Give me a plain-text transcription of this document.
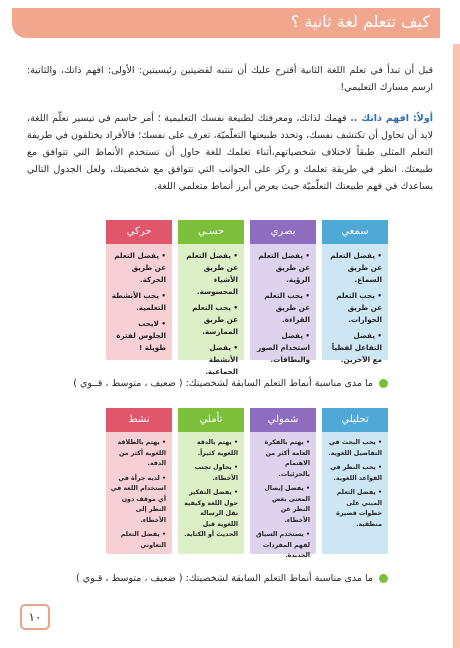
كيف تتعلم لغة ثانية ؟

قبل أن تبدأ في تعلم اللغة الثانية أقترح عليك أن تنتبه لقضيتين رئيسيتين: الأولى: افهم ذاتك، والثانية: ارسم مسارك التعليمي!

أولاً: افهم ذاتك .. فهمك لذاتك، ومعرفتك لطبيعة نفسك التعليمية ؛ أمر حاسم في تيسير تعلّم اللغة، لابد أن تحاول أن تكتشف نفسك، وتحدد طبيعتها التعلّميّة، تعرف على نفسك؛ فالأفراد يختلفون في طريقة التعلم المثلى طبقاً لاختلاف شخصياتهم،أثناء تعلمك للغة حاول أن تستخدم الأنماط التي تتوافق مع طبيعتك. انظر في طريقة تعلمك و ركز على الجوانب التي تتوافق مع شخصيتك، ولعل الجدول التالي يساعدك في فهم طبيعتك التعلّميّة حيث يعرض أبرز أنماط متعلمي اللغة.

سمعي
• يفضل التعلم عن طريق السماع.
• يحب التعلم عن طريق الحوارات.
• يفضل التفاعل لفظياً مع الآخرين.
بصري
• يفضل التعلم عن طريق الرؤية.
• يحب التعلم عن طريق القراءة.
• يفضل استخدام الصور والبطاقات.
حسـي
• يفضل التعلم عن طريق الأشياء المحسوسة.
• يحب التعلم عن طريق الممارسة.
• يفضل الأنشطة الجماعية.
حركي
• يفضل التعلم عن طريق الحركة.
• يحب الأنشطة التعلمية.
• لايحب الجلوس لفترة طويلة !
ما مدى مناسبة أنماط التعلم السابقة لشخصيتك: ( ضعيف ، متوسط ، قــوي )
تحليلي
• يحب البحث في التفاصيل اللغوية.
• يحب النظر في القواعد اللغوية.
• يفضل التعلم المبني على خطوات قصيرة منطقية.
شمولي
• يهتم بالفكرة العامة أكثر من الاهتمام بالجزئيات.
• يفضل إيصال المعنى بغض النظر عن الأخطاء.
• يستخدم السياق لفهم المفردات الجديدة.
تأملي
• يهتم بالدقة اللغوية كثيراً.
• يحاول تجنب الأخطاء.
• يفضل التفكير حول اللغة وكيفية نقل الرسالة اللغوية قبل الحديث أو الكتابة.
نشط
• يهتم بالطلاقة اللغوية أكثر من الدقة.
• لديه جرأة في استخدام اللغة في أي موقف دون النظر إلى الأخطاء.
• يفضل التعلم التعاوني
ما مدى مناسبة أنماط التعلم السابقة لشخصيتك: ( ضعيف ، متوسط ، قـوي )
١٠
